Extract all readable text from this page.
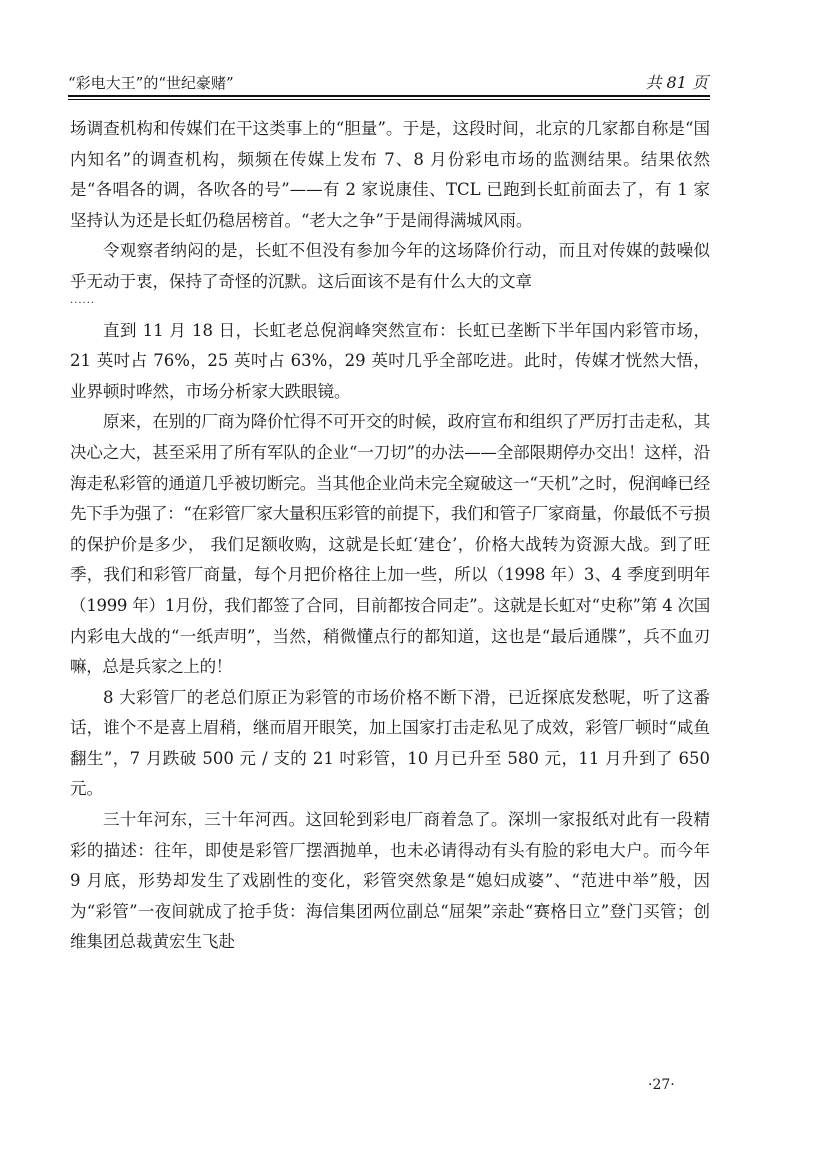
“彩电大王”的“世纪豪赌”	共 81 页

场调查机构和传媒们在干这类事上的“胆量”。于是，这段时间，北京的几家都自称是“国内知名”的调查机构，频频在传媒上发布 7、8 月份彩电市场的监测结果。结果依然是“各唱各的调，各吹各的号”——有 2 家说康佳、TCL 已跑到长虹前面去了，有 1 家坚持认为还是长虹仍稳居榜首。“老大之争”于是闹得满城风雨。

令观察者纳闷的是，长虹不但没有参加今年的这场降价行动，而且对传媒的鼓噪似乎无动于衷，保持了奇怪的沉默。这后面该不是有什么大的文章

......

直到 11 月 18 日，长虹老总倪润峰突然宣布：长虹已垄断下半年国内彩管市场，21 英吋占 76%，25 英吋占 63%，29 英吋几乎全部吃进。此时，传媒才恍然大悟，业界顿时哗然，市场分析家大跌眼镜。

原来，在别的厂商为降价忙得不可开交的时候，政府宣布和组织了严厉打击走私，其决心之大，甚至采用了所有军队的企业“一刀切”的办法——全部限期停办交出！这样，沿海走私彩管的通道几乎被切断完。当其他企业尚未完全窥破这一“天机”之时，倪润峰已经先下手为强了：“在彩管厂家大量积压彩管的前提下，我们和管子厂家商量，你最低不亏损的保护价是多少， 我们足额收购，这就是长虹‘建仓’，价格大战转为资源大战。到了旺季，我们和彩管厂商量，每个月把价格往上加一些，所以（1998 年）3、4 季度到明年（1999 年）1月份，我们都签了合同，目前都按合同走”。这就是长虹对“史称”第 4 次国内彩电大战的“一纸声明”，当然，稍微懂点行的都知道，这也是“最后通牒”，兵不血刃嘛，总是兵家之上的！

8 大彩管厂的老总们原正为彩管的市场价格不断下滑，已近探底发愁呢，听了这番话，谁个不是喜上眉稍，继而眉开眼笑，加上国家打击走私见了成效，彩管厂顿时“咸鱼翻生”，7 月跌破 500 元 / 支的 21 吋彩管，10 月已升至 580 元，11 月升到了 650 元。

三十年河东，三十年河西。这回轮到彩电厂商着急了。深圳一家报纸对此有一段精彩的描述：往年，即使是彩管厂摆酒抛单，也未必请得动有头有脸的彩电大户。而今年 9 月底，形势却发生了戏剧性的变化，彩管突然象是“媳妇成婆”、“范进中举”般，因为“彩管”一夜间就成了抢手货：海信集团两位副总“屈架”亲赴“赛格日立”登门买管；创维集团总裁黄宏生飞赴

·27·
